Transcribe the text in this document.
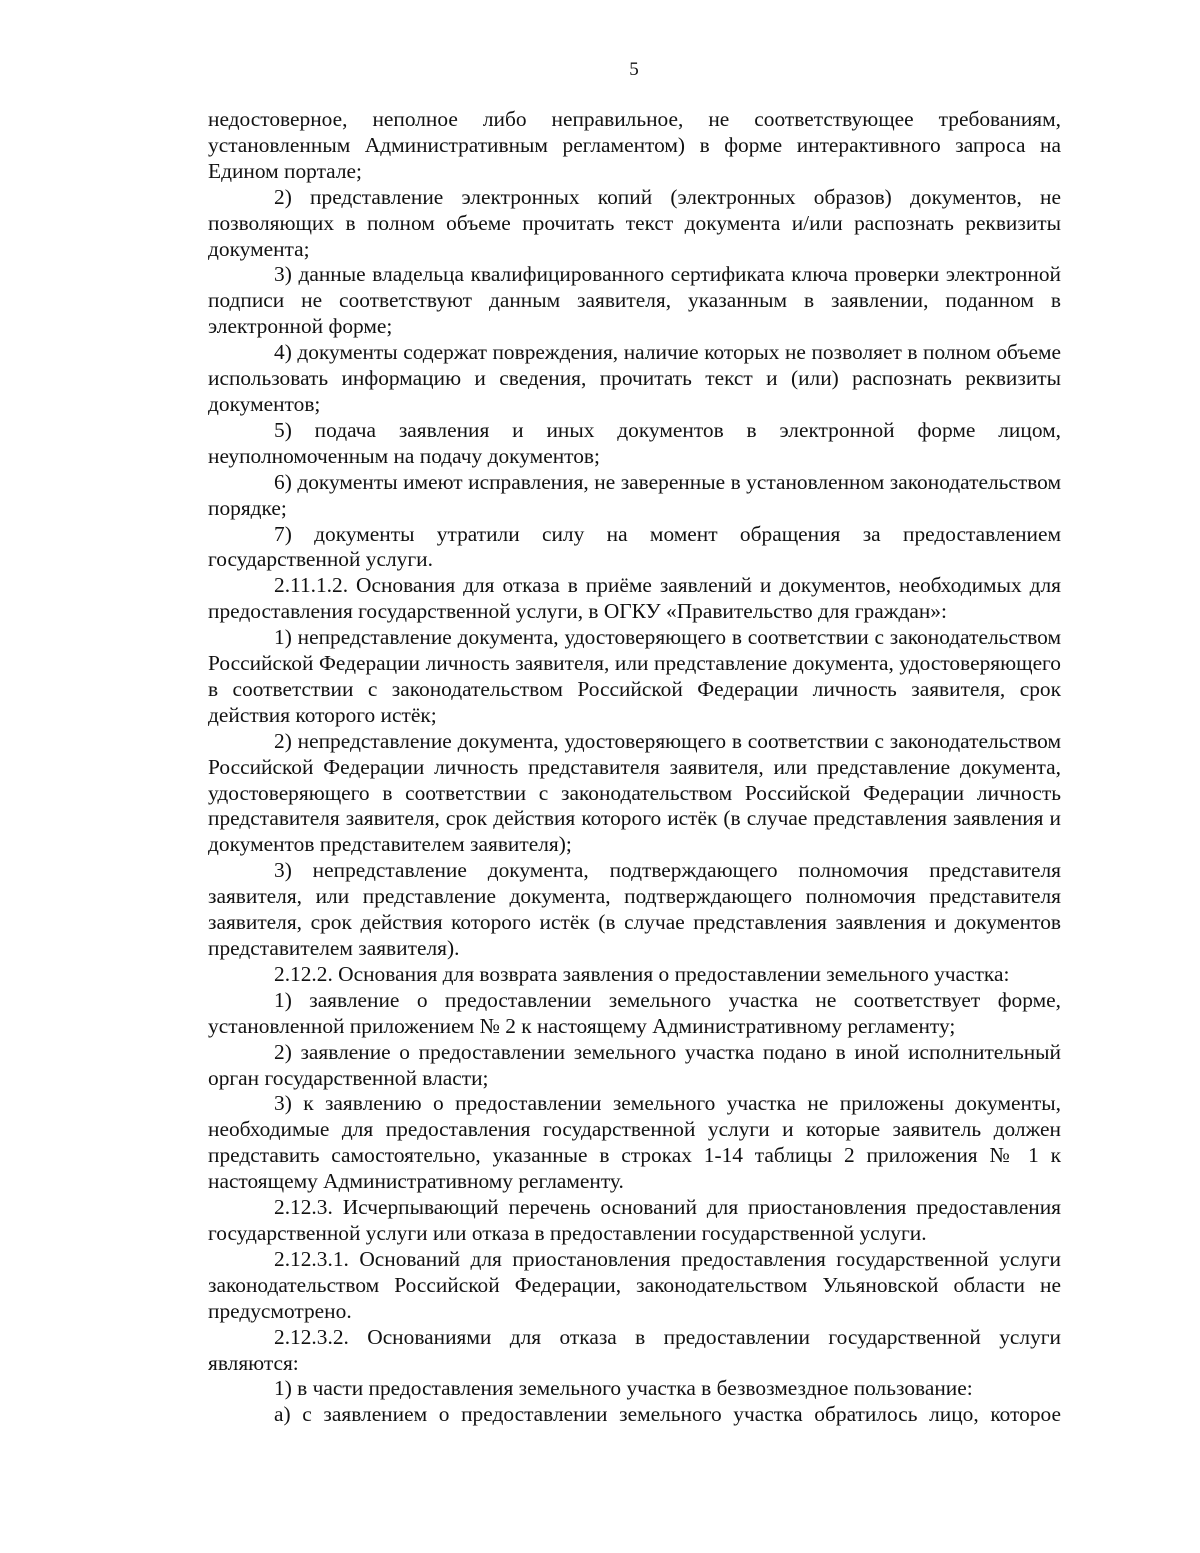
5

недостоверное, неполное либо неправильное, не соответствующее требованиям, установленным Административным регламентом) в форме интерактивного запроса на Едином портале;

2) представление электронных копий (электронных образов) документов, не позволяющих в полном объеме прочитать текст документа и/или распознать реквизиты документа;

3) данные владельца квалифицированного сертификата ключа проверки электронной подписи не соответствуют данным заявителя, указанным в заявлении, поданном в электронной форме;

4) документы содержат повреждения, наличие которых не позволяет в полном объеме использовать информацию и сведения, прочитать текст и (или) распознать реквизиты документов;

5) подача заявления и иных документов в электронной форме лицом, неуполномоченным на подачу документов;

6) документы имеют исправления, не заверенные в установленном законодательством порядке;

7) документы утратили силу на момент обращения за предоставлением государственной услуги.

2.11.1.2. Основания для отказа в приёме заявлений и документов, необходимых для предоставления государственной услуги, в ОГКУ «Правительство для граждан»:

1) непредставление документа, удостоверяющего в соответствии с законодательством Российской Федерации личность заявителя, или представление документа, удостоверяющего в соответствии с законодательством Российской Федерации личность заявителя, срок действия которого истёк;

2) непредставление документа, удостоверяющего в соответствии с законодательством Российской Федерации личность представителя заявителя, или представление документа, удостоверяющего в соответствии с законодательством Российской Федерации личность представителя заявителя, срок действия которого истёк (в случае представления заявления и документов представителем заявителя);

3) непредставление документа, подтверждающего полномочия представителя заявителя, или представление документа, подтверждающего полномочия представителя заявителя, срок действия которого истёк (в случае представления заявления и документов представителем заявителя).

2.12.2. Основания для возврата заявления о предоставлении земельного участка:

1) заявление о предоставлении земельного участка не соответствует форме, установленной приложением № 2 к настоящему Административному регламенту;

2) заявление о предоставлении земельного участка подано в иной исполнительный орган государственной власти;

3) к заявлению о предоставлении земельного участка не приложены документы, необходимые для предоставления государственной услуги и которые заявитель должен представить самостоятельно, указанные в строках 1-14 таблицы 2 приложения № 1 к настоящему Административному регламенту.

2.12.3. Исчерпывающий перечень оснований для приостановления предоставления государственной услуги или отказа в предоставлении государственной услуги.

2.12.3.1. Оснований для приостановления предоставления государственной услуги законодательством Российской Федерации, законодательством Ульяновской области не предусмотрено.

2.12.3.2. Основаниями для отказа в предоставлении государственной услуги являются:

1) в части предоставления земельного участка в безвозмездное пользование:

а) с заявлением о предоставлении земельного участка обратилось лицо, которое
